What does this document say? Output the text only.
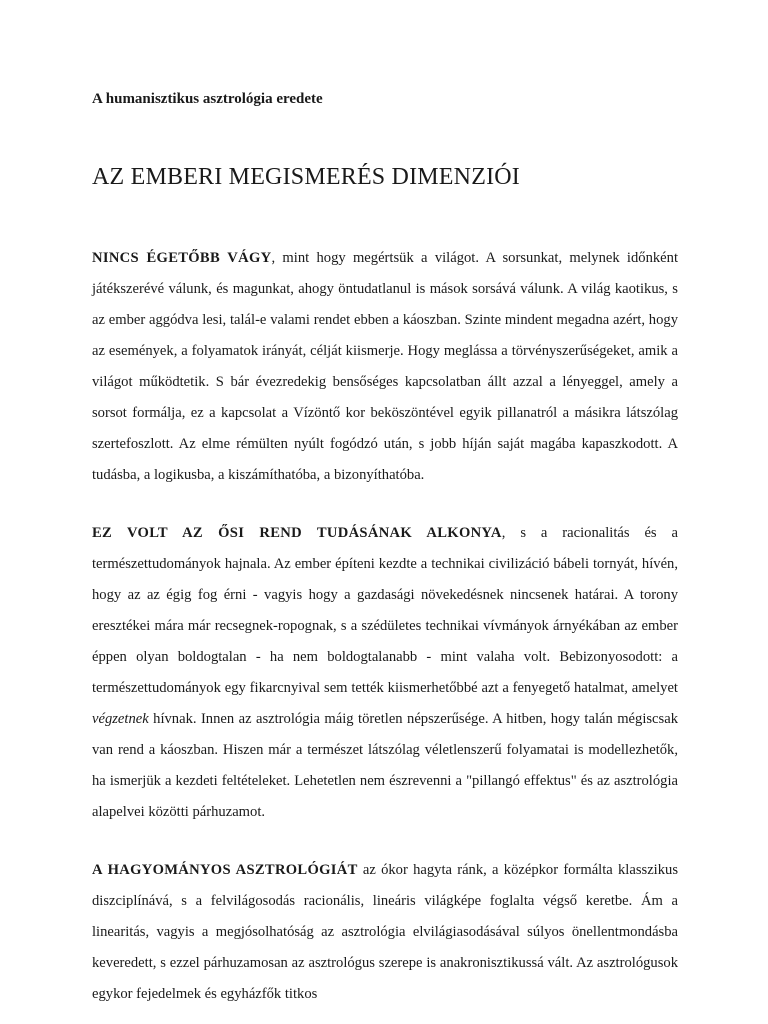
A humanisztikus asztrológia eredete
AZ EMBERI MEGISMERÉS DIMENZIÓI

NINCS ÉGETŐBB VÁGY, mint hogy megértsük a világot. A sorsunkat, melynek időnként játékszerévé válunk, és magunkat, ahogy öntudatlanul is mások sorsává válunk. A világ kaotikus, s az ember aggódva lesi, talál-e valami rendet ebben a káoszban. Szinte mindent megadna azért, hogy az események, a folyamatok irányát, célját kiismerje. Hogy meglássa a törvényszerűségeket, amik a világot működtetik. S bár évezredekig bensőséges kapcsolatban állt azzal a lényeggel, amely a sorsot formálja, ez a kapcsolat a Vízöntő kor beköszöntével egyik pillanatról a másikra látszólag szertefoszlott. Az elme rémülten nyúlt fogódzó után, s jobb híján saját magába kapaszkodott. A tudásba, a logikusba, a kiszámíthatóba, a bizonyíthatóba.

EZ VOLT AZ ŐSI REND TUDÁSÁNAK ALKONYA, s a racionalitás és a természettudományok hajnala. Az ember építeni kezdte a technikai civilizáció bábeli tornyát, hívén, hogy az az égig fog érni - vagyis hogy a gazdasági növekedésnek nincsenek határai. A torony eresztékei mára már recsegnek-ropognak, s a szédületes technikai vívmányok árnyékában az ember éppen olyan boldogtalan - ha nem boldogtalanabb - mint valaha volt. Bebizonyosodott: a természettudományok egy fikarcnyival sem tették kiismerhetőbbé azt a fenyegető hatalmat, amelyet végzetnek hívnak. Innen az asztrológia máig töretlen népszerűsége. A hitben, hogy talán mégiscsak van rend a káoszban. Hiszen már a természet látszólag véletlenszerű folyamatai is modellezhetők, ha ismerjük a kezdeti feltételeket. Lehetetlen nem észrevenni a "pillangó effektus" és az asztrológia alapelvei közötti párhuzamot.

A HAGYOMÁNYOS ASZTROLÓGIÁT az ókor hagyta ránk, a középkor formálta klasszikus diszciplínává, s a felvilágosodás racionális, lineáris világképe foglalta végső keretbe. Ám a linearitás, vagyis a megjósolhatóság az asztrológia elvilágiasodásával súlyos önellentmondásba keveredett, s ezzel párhuzamosan az asztrológus szerepe is anakronisztikussá vált. Az asztrológusok egykor fejedelmek és egyházfők titkos
